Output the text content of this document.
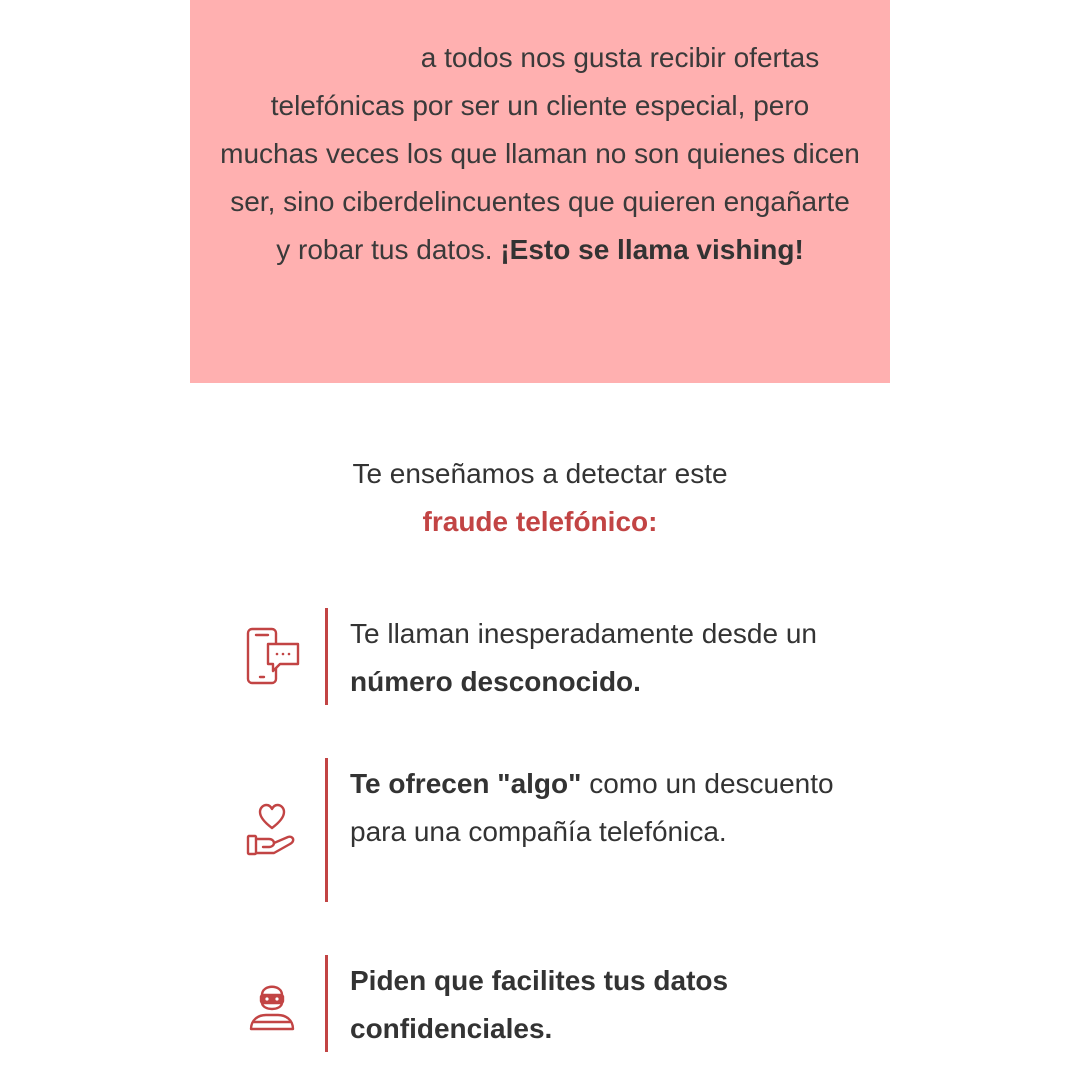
a todos nos gusta recibir ofertas telefónicas por ser un cliente especial, pero muchas veces los que llaman no son quienes dicen ser, sino ciberdelincuentes que quieren engañarte y robar tus datos. ¡Esto se llama vishing!

Te enseñamos a detectar este
fraude telefónico:

Te llaman inesperadamente desde un número desconocido.

Te ofrecen "algo" como un descuento para una compañía telefónica.

Piden que facilites tus datos confidenciales.
